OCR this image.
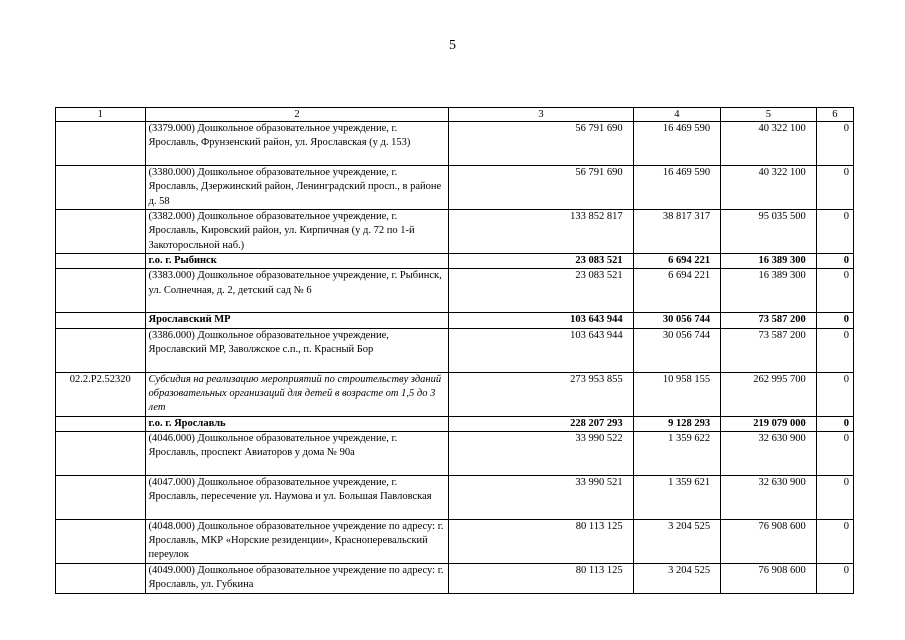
5
1	2	3	4	5	6
	(3379.000) Дошкольное образовательное учреждение, г. Ярославль, Фрунзенский район, ул. Ярославская (у д. 153)	56 791 690	16 469 590	40 322 100	0
	(3380.000) Дошкольное образовательное учреждение, г. Ярославль, Дзержинский район, Ленинградский просп., в районе д. 58	56 791 690	16 469 590	40 322 100	0
	(3382.000) Дошкольное образовательное учреждение, г. Ярославль, Кировский район, ул. Кирпичная (у д. 72 по 1-й Закоторосльной наб.)	133 852 817	38 817 317	95 035 500	0
	г.о. г. Рыбинск	23 083 521	6 694 221	16 389 300	0
	(3383.000) Дошкольное образовательное учреждение, г. Рыбинск, ул. Солнечная, д. 2, детский сад № 6	23 083 521	6 694 221	16 389 300	0
	Ярославский МР	103 643 944	30 056 744	73 587 200	0
	(3386.000) Дошкольное образовательное учреждение, Ярославский МР, Заволжское с.п., п. Красный Бор	103 643 944	30 056 744	73 587 200	0
02.2.P2.52320	Субсидия на реализацию мероприятий по строительству зданий образовательных организаций для детей в возрасте от 1,5 до 3 лет	273 953 855	10 958 155	262 995 700	0
	г.о. г. Ярославль	228 207 293	9 128 293	219 079 000	0
	(4046.000) Дошкольное образовательное учреждение, г. Ярославль, проспект Авиаторов у дома № 90а	33 990 522	1 359 622	32 630 900	0
	(4047.000) Дошкольное образовательное учреждение, г. Ярославль, пересечение ул. Наумова и ул. Большая Павловская	33 990 521	1 359 621	32 630 900	0
	(4048.000) Дошкольное образовательное учреждение по адресу: г. Ярославль, МКР «Норские резиденции», Красноперевальский переулок	80 113 125	3 204 525	76 908 600	0
	(4049.000) Дошкольное образовательное учреждение по адресу: г. Ярославль, ул. Губкина	80 113 125	3 204 525	76 908 600	0
